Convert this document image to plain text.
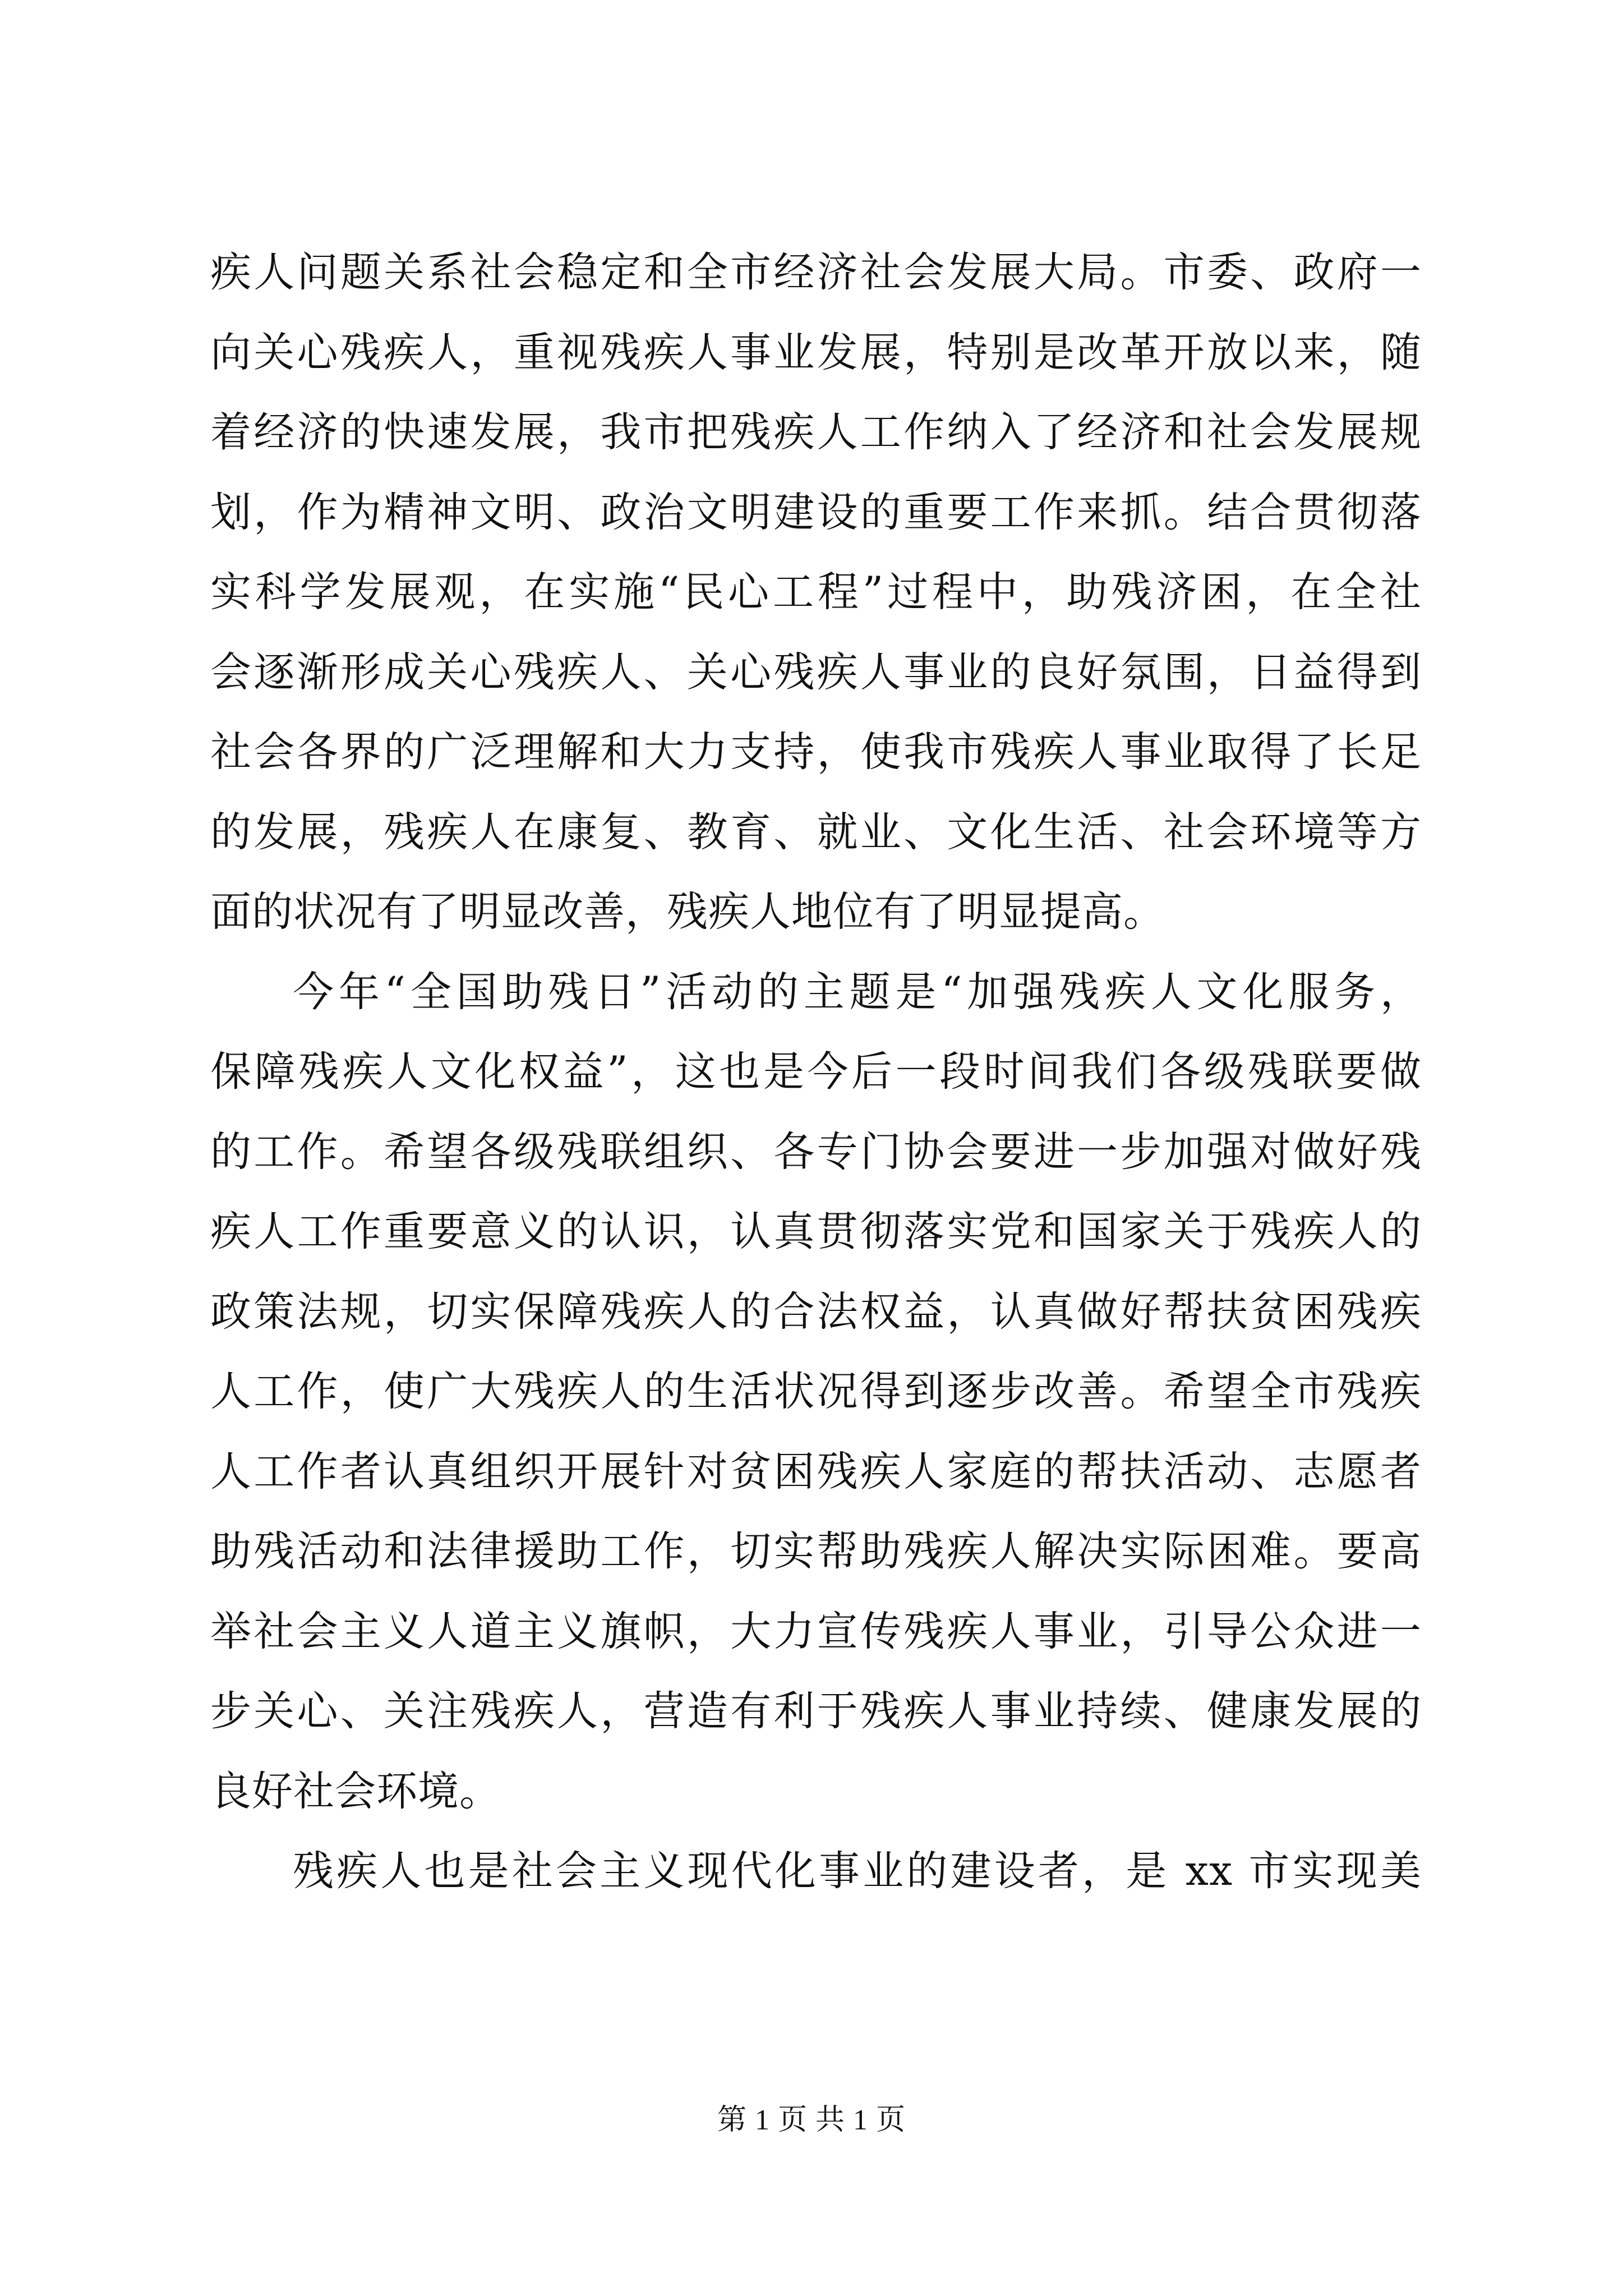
疾人问题关系社会稳定和全市经济社会发展大局。市委、政府一
向关心残疾人，重视残疾人事业发展，特别是改革开放以来，随
着经济的快速发展，我市把残疾人工作纳入了经济和社会发展规
划，作为精神文明、政治文明建设的重要工作来抓。结合贯彻落
实科学发展观，在实施“民心工程”过程中，助残济困，在全社
会逐渐形成关心残疾人、关心残疾人事业的良好氛围，日益得到
社会各界的广泛理解和大力支持，使我市残疾人事业取得了长足
的发展，残疾人在康复、教育、就业、文化生活、社会环境等方
面的状况有了明显改善，残疾人地位有了明显提高。
今年“全国助残日”活动的主题是“加强残疾人文化服务，
保障残疾人文化权益”，这也是今后一段时间我们各级残联要做
的工作。希望各级残联组织、各专门协会要进一步加强对做好残
疾人工作重要意义的认识，认真贯彻落实党和国家关于残疾人的
政策法规，切实保障残疾人的合法权益，认真做好帮扶贫困残疾
人工作，使广大残疾人的生活状况得到逐步改善。希望全市残疾
人工作者认真组织开展针对贫困残疾人家庭的帮扶活动、志愿者
助残活动和法律援助工作，切实帮助残疾人解决实际困难。要高
举社会主义人道主义旗帜，大力宣传残疾人事业，引导公众进一
步关心、关注残疾人，营造有利于残疾人事业持续、健康发展的
良好社会环境。
残疾人也是社会主义现代化事业的建设者，是 xx 市实现美
第 1 页 共 1 页
